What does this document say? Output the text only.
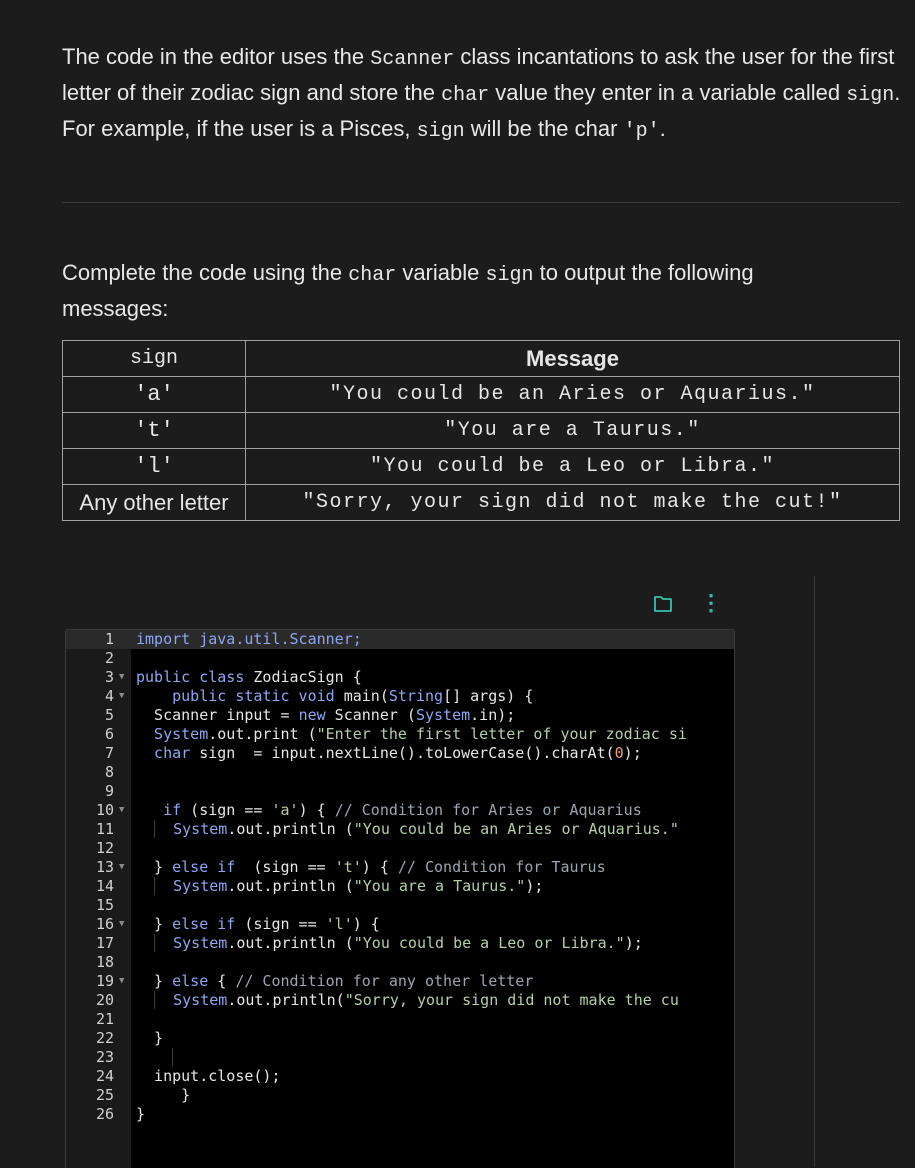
The code in the editor uses the Scanner class incantations to ask the user for the first letter of their zodiac sign and store the char value they enter in a variable called sign. For example, if the user is a Pisces, sign will be the char 'p'.

Complete the code using the char variable sign to output the following messages:

sign	Message
'a'	"You could be an Aries or Aquarius."
't'	"You are a Taurus."
'l'	"You could be a Leo or Libra."
Any other letter	"Sorry, your sign did not make the cut!"
⋮
1 import java.util.Scanner;
2
3 ▼ public class ZodiacSign {
4 ▼ public static void main(String[] args) {
5 Scanner input = new Scanner (System.in);
6 System.out.print ("Enter the first letter of your zodiac si
7 char sign  = input.nextLine().toLowerCase().charAt(0);
8
9
10 ▼ if (sign == 'a') { // Condition for Aries or Aquarius
11	System.out.println ("You could be an Aries or Aquarius."
12
13 ▼ } else if  (sign == 't') { // Condition for Taurus
14	System.out.println ("You are a Taurus.");
15
16 ▼ } else if (sign == 'l') {
17	System.out.println ("You could be a Leo or Libra.");
18
19 ▼ } else { // Condition for any other letter
20	System.out.println("Sorry, your sign did not make the cu
21
22 }
23

24 input.close();
25 }
26 }
